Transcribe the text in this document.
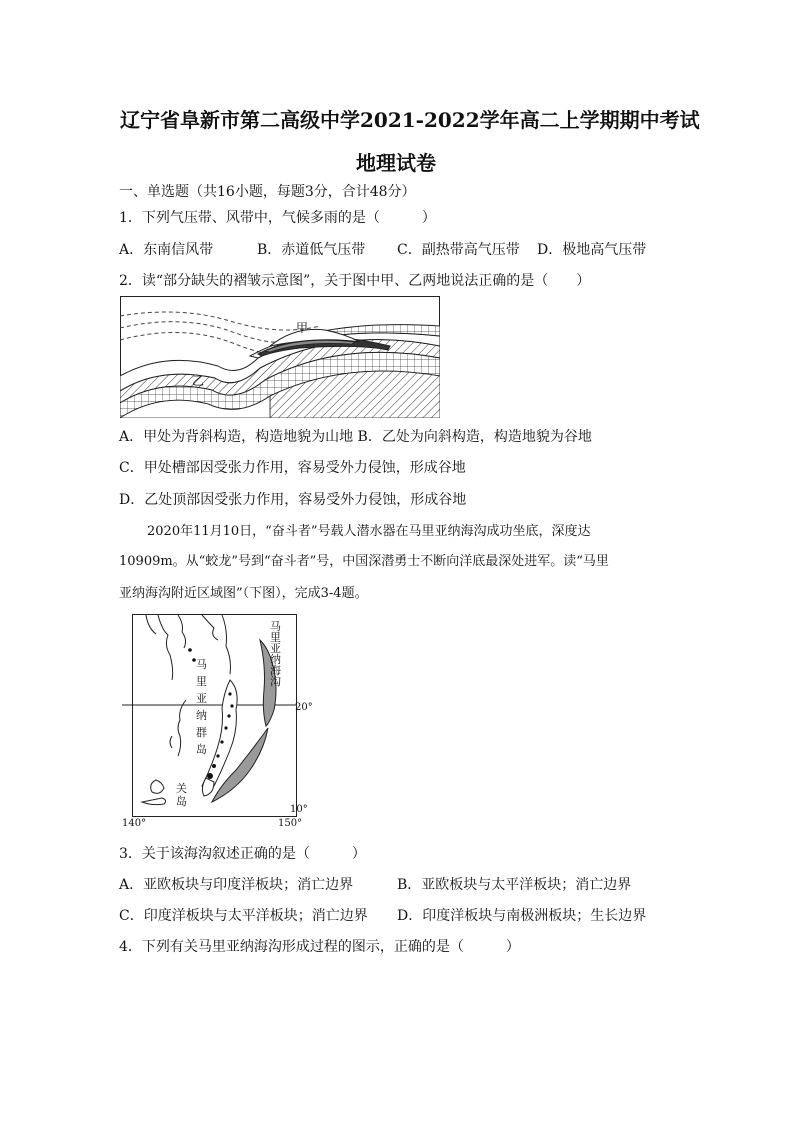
辽宁省阜新市第二高级中学2021-2022学年高二上学期期中考试
地理试卷
一、单选题（共16小题，每题3分，合计48分）
1．下列气压带、风带中，气候多雨的是（　　　）
A．东南信风带	B．赤道低气压带 C．副热带高气压带 D．极地高气压带
2．读“部分缺失的褶皱示意图”，关于图中甲、乙两地说法正确的是（　　）
甲
乙
A．甲处为背斜构造，构造地貌为山地 B．乙处为向斜构造，构造地貌为谷地
C．甲处槽部因受张力作用，容易受外力侵蚀，形成谷地
D．乙处顶部因受张力作用，容易受外力侵蚀，形成谷地
2020年11月10日，“奋斗者”号载人潜水器在马里亚纳海沟成功坐底，深度达
10909m。从“蛟龙”号到“奋斗者”号，中国深潜勇士不断向洋底最深处进军。读“马里
亚纳海沟附近区域图”（下图），完成3-4题。
马
里
亚
纳
海
沟
马
里
亚
纳
群
岛
关
岛
20°
10°
140°	150°
3．关于该海沟叙述正确的是（　　　）
A．亚欧板块与印度洋板块；消亡边界	B．亚欧板块与太平洋板块；消亡边界
C．印度洋板块与太平洋板块；消亡边界 D．印度洋板块与南极洲板块；生长边界
4．下列有关马里亚纳海沟形成过程的图示，正确的是（　　　）
